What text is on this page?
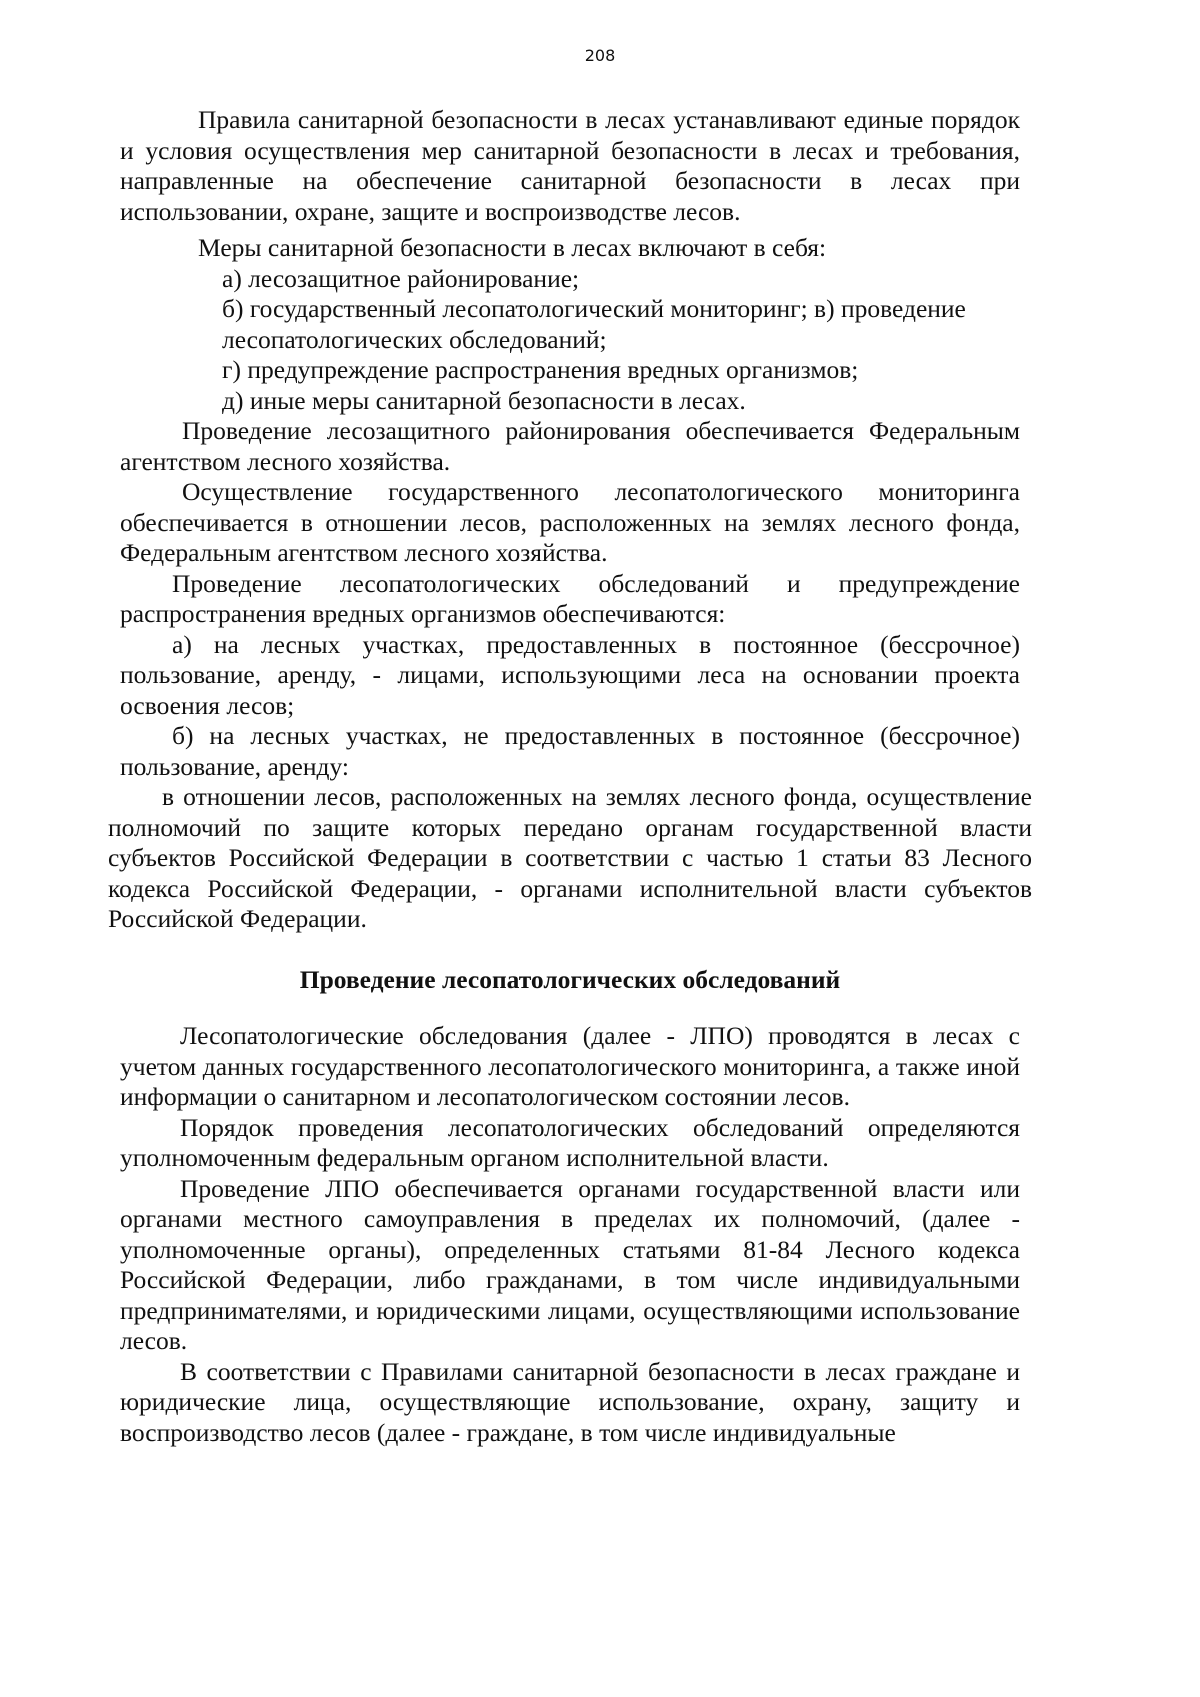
208

Правила санитарной безопасности в лесах устанавливают единые порядок и условия осуществления мер санитарной безопасности в лесах и требования, направленные на обеспечение санитарной безопасности в лесах при использовании, охране, защите и воспроизводстве лесов.

Меры санитарной безопасности в лесах включают в себя:

а) лесозащитное районирование;

б) государственный лесопатологический мониторинг; в) проведение лесопатологических обследований;

г) предупреждение распространения вредных организмов;

д) иные меры санитарной безопасности в лесах.

Проведение лесозащитного районирования обеспечивается Федеральным агентством лесного хозяйства.

Осуществление государственного лесопатологического мониторинга обеспечивается в отношении лесов, расположенных на землях лесного фонда, Федеральным агентством лесного хозяйства.

Проведение лесопатологических обследований и предупреждение распространения вредных организмов обеспечиваются:

а) на лесных участках, предоставленных в постоянное (бессрочное) пользование, аренду, - лицами, использующими леса на основании проекта освоения лесов;

б) на лесных участках, не предоставленных в постоянное (бессрочное) пользование, аренду:

в отношении лесов, расположенных на землях лесного фонда, осуществление полномочий по защите которых передано органам государственной власти субъектов Российской Федерации в соответствии с частью 1 статьи 83 Лесного кодекса Российской Федерации, - органами исполнительной власти субъектов Российской Федерации.

Проведение лесопатологических обследований

Лесопатологические обследования (далее - ЛПО) проводятся в лесах с учетом данных государственного лесопатологического мониторинга, а также иной информации о санитарном и лесопатологическом состоянии лесов.

Порядок проведения лесопатологических обследований определяются уполномоченным федеральным органом исполнительной власти.

Проведение ЛПО обеспечивается органами государственной власти или органами местного самоуправления в пределах их полномочий, (далее - уполномоченные органы), определенных статьями 81-84 Лесного кодекса Российской Федерации, либо гражданами, в том числе индивидуальными предпринимателями, и юридическими лицами, осуществляющими использование лесов.

В соответствии с Правилами санитарной безопасности в лесах граждане и юридические лица, осуществляющие использование, охрану, защиту и воспроизводство лесов (далее - граждане, в том числе индивидуальные
